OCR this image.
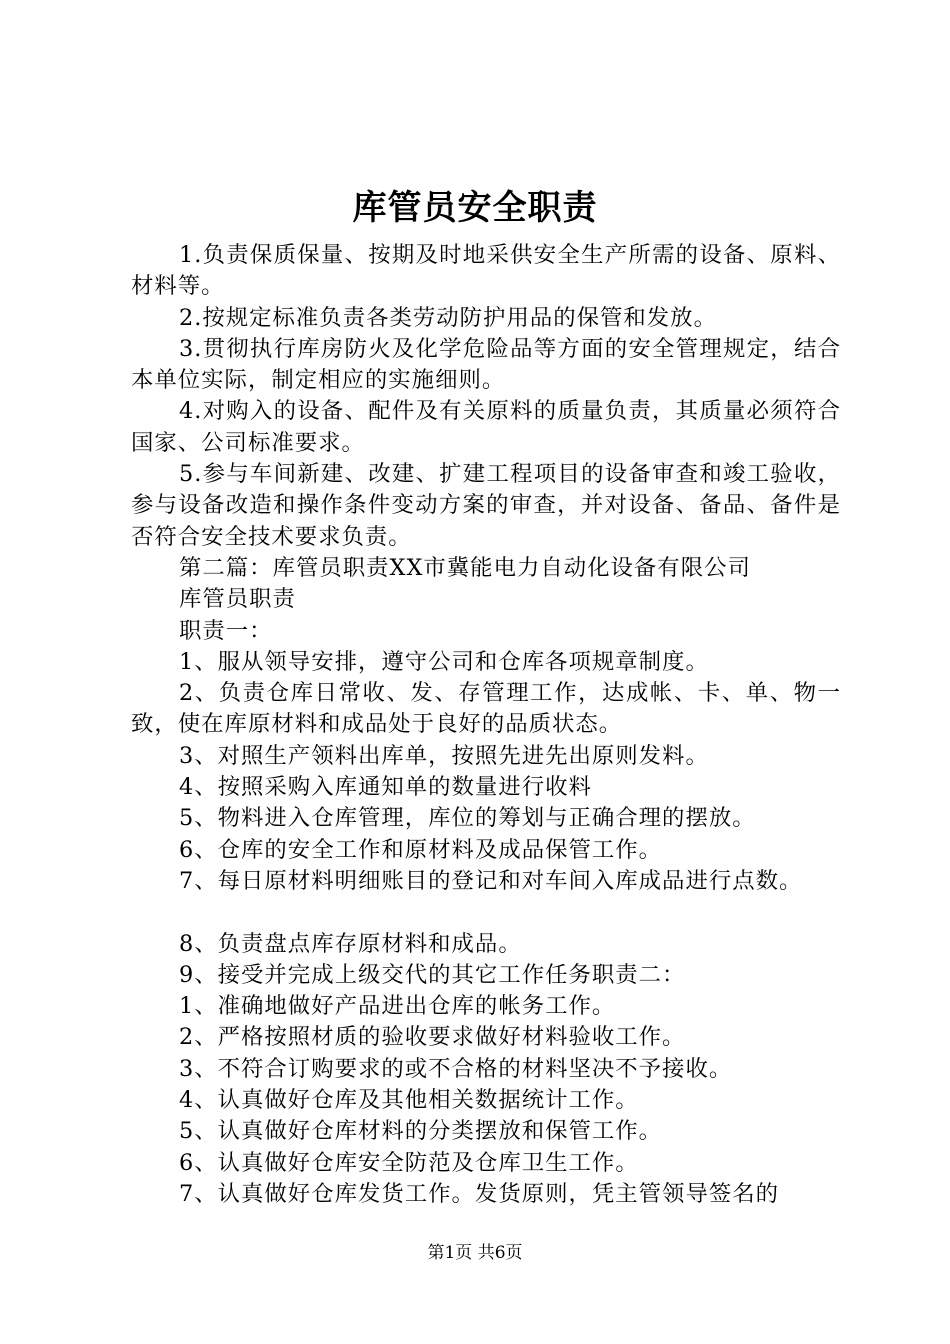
库管员安全职责

1.负责保质保量、按期及时地采供安全生产所需的设备、原料、材料等。

2.按规定标准负责各类劳动防护用品的保管和发放。

3.贯彻执行库房防火及化学危险品等方面的安全管理规定，结合本单位实际，制定相应的实施细则。

4.对购入的设备、配件及有关原料的质量负责，其质量必须符合国家、公司标准要求。

5.参与车间新建、改建、扩建工程项目的设备审查和竣工验收，参与设备改造和操作条件变动方案的审查，并对设备、备品、备件是否符合安全技术要求负责。

第二篇：库管员职责XX市冀能电力自动化设备有限公司

库管员职责

职责一：

1、服从领导安排，遵守公司和仓库各项规章制度。

2、负责仓库日常收、发、存管理工作，达成帐、卡、单、物一致，使在库原材料和成品处于良好的品质状态。

3、对照生产领料出库单，按照先进先出原则发料。

4、按照采购入库通知单的数量进行收料

5、物料进入仓库管理，库位的筹划与正确合理的摆放。

6、仓库的安全工作和原材料及成品保管工作。

7、每日原材料明细账目的登记和对车间入库成品进行点数。

8、负责盘点库存原材料和成品。

9、接受并完成上级交代的其它工作任务职责二：

1、准确地做好产品进出仓库的帐务工作。

2、严格按照材质的验收要求做好材料验收工作。

3、不符合订购要求的或不合格的材料坚决不予接收。

4、认真做好仓库及其他相关数据统计工作。

5、认真做好仓库材料的分类摆放和保管工作。

6、认真做好仓库安全防范及仓库卫生工作。

7、认真做好仓库发货工作。发货原则，凭主管领导签名的

第1页 共6页
